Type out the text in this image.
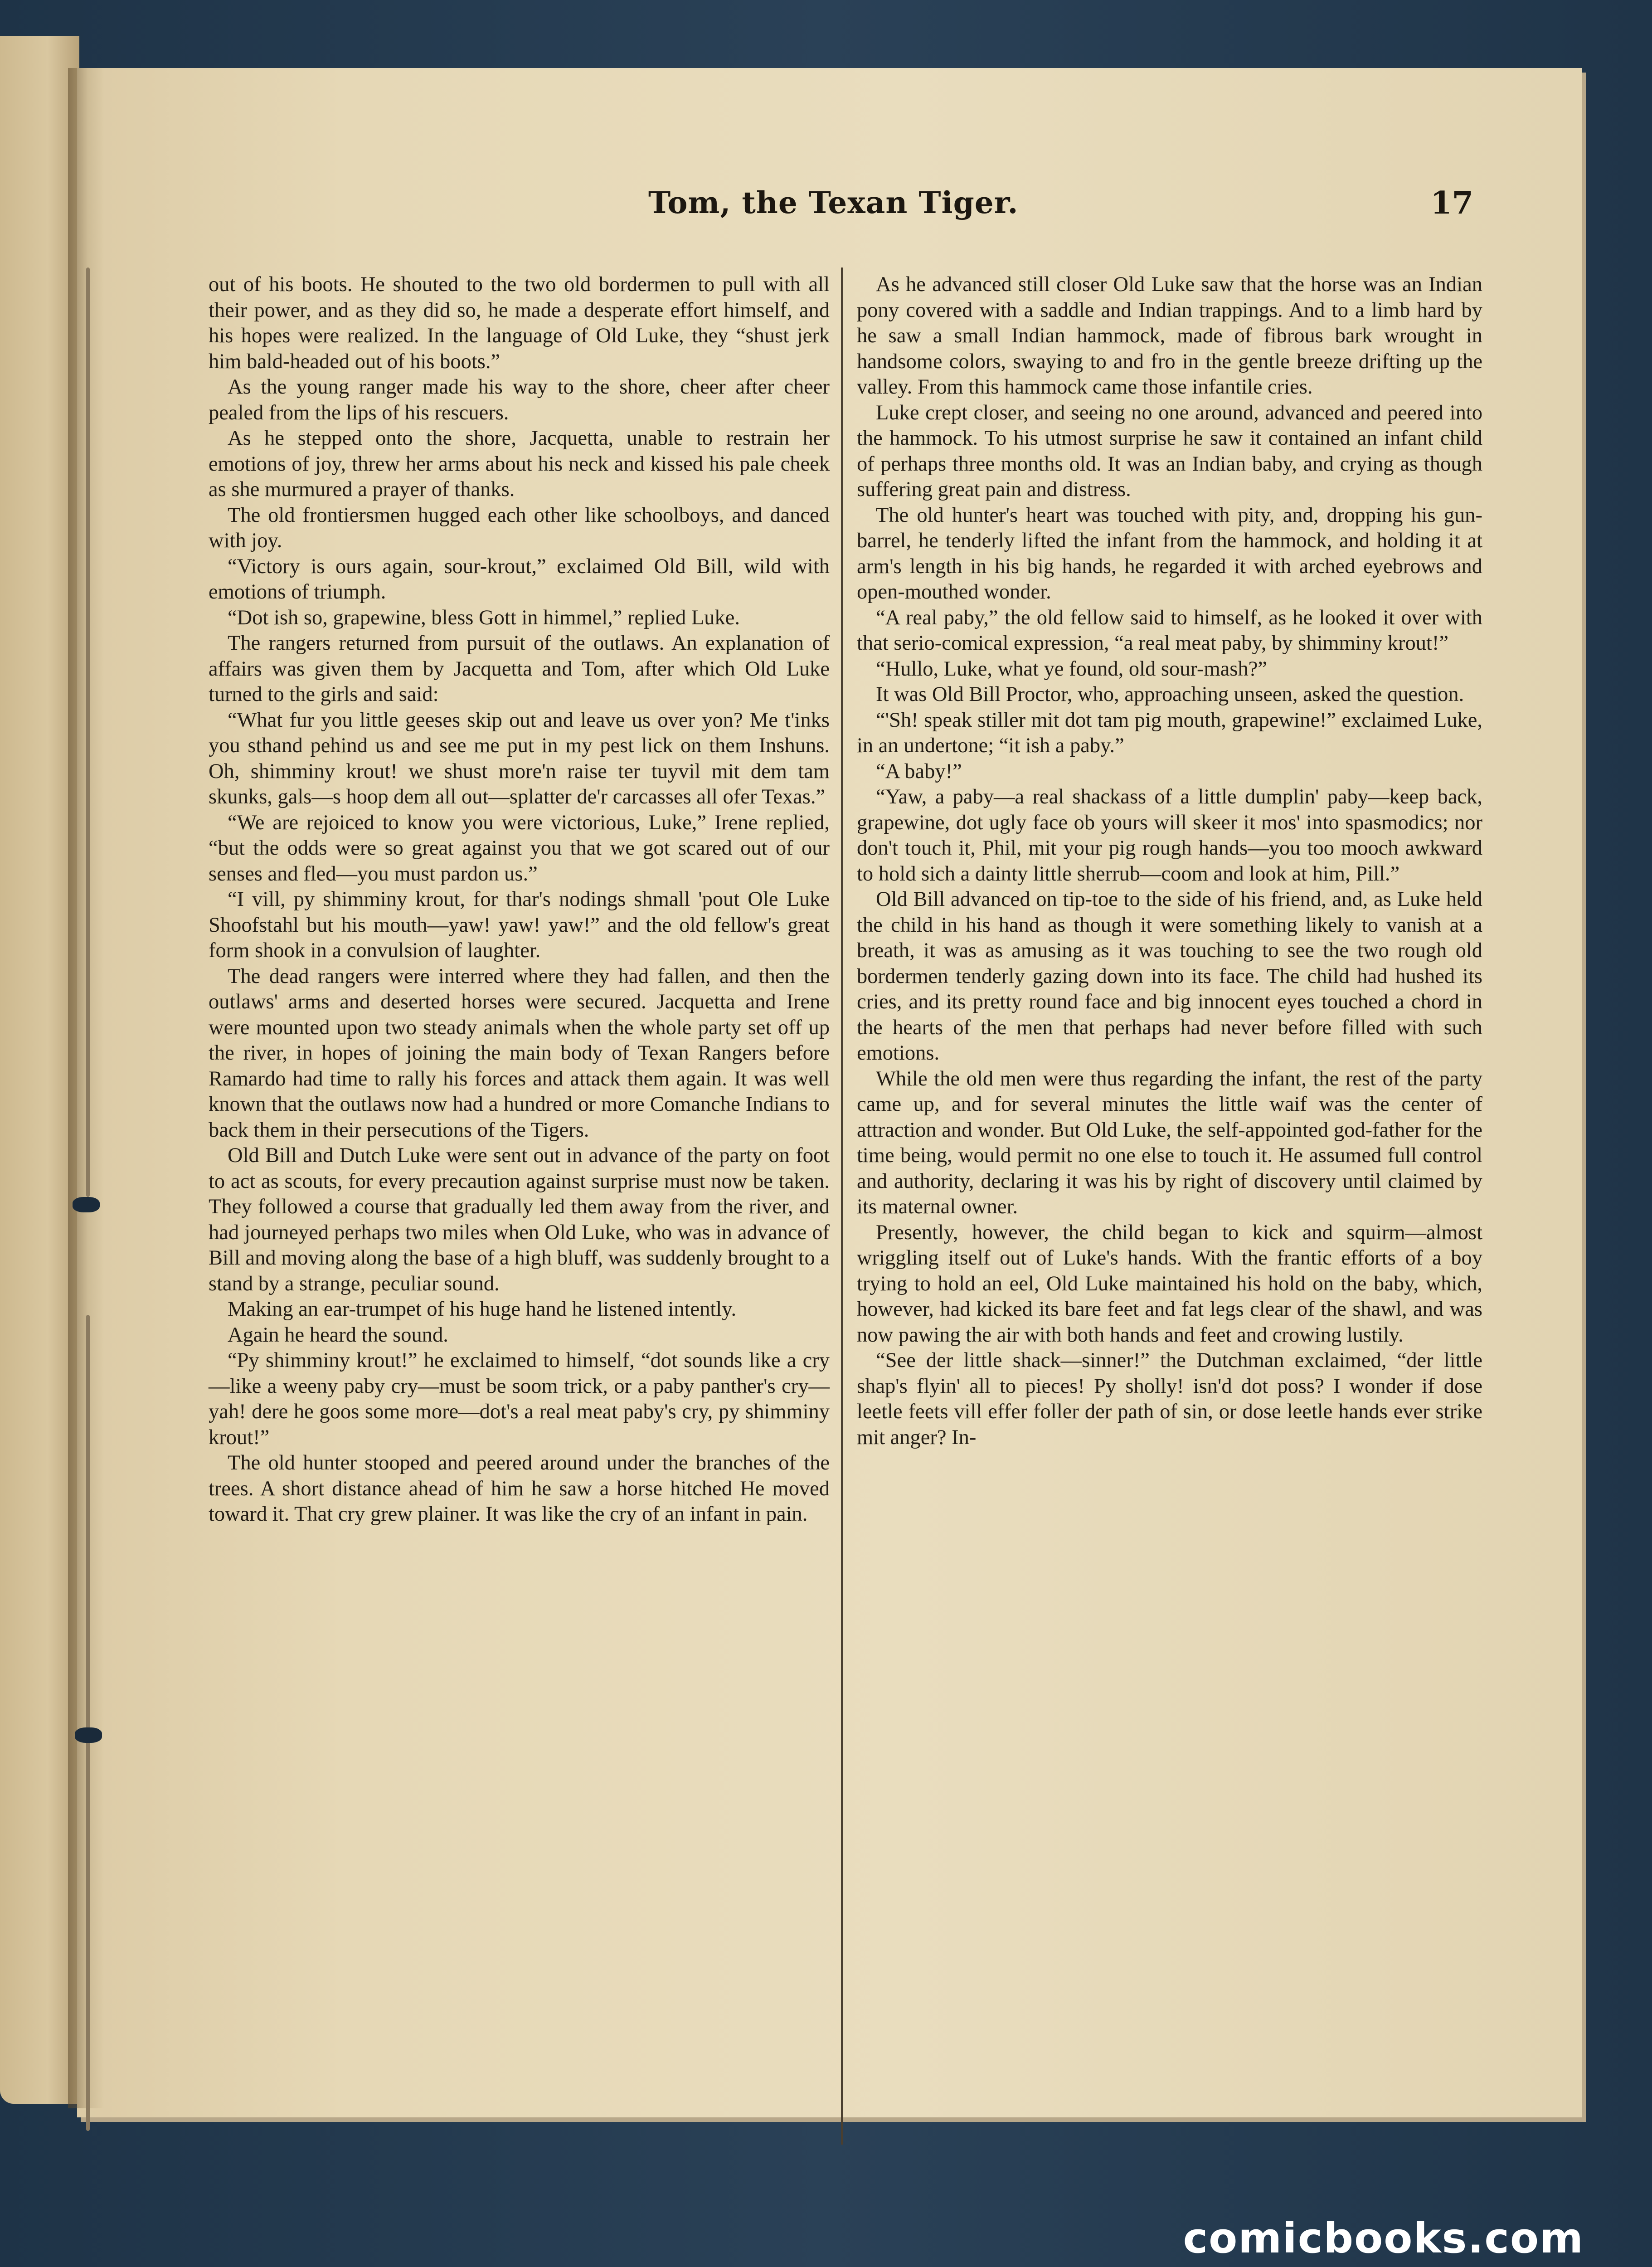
Tom, the Texan Tiger.	17

out of his boots. He shouted to the two old bordermen to pull with all their power, and as they did so, he made a desperate effort himself, and his hopes were realized. In the language of Old Luke, they “shust jerk him bald-headed out of his boots.”

As the young ranger made his way to the shore, cheer after cheer pealed from the lips of his rescuers.

As he stepped onto the shore, Jacquetta, unable to restrain her emotions of joy, threw her arms about his neck and kissed his pale cheek as she murmured a prayer of thanks.

The old frontiersmen hugged each other like schoolboys, and danced with joy.

“Victory is ours again, sour-krout,” exclaimed Old Bill, wild with emotions of triumph.

“Dot ish so, grapewine, bless Gott in himmel,” replied Luke.

The rangers returned from pursuit of the outlaws. An explanation of affairs was given them by Jacquetta and Tom, after which Old Luke turned to the girls and said:

“What fur you little geeses skip out and leave us over yon? Me t'inks you sthand pehind us and see me put in my pest lick on them Inshuns. Oh, shimminy krout! we shust more'n raise ter tuyvil mit dem tam skunks, gals—s hoop dem all out—splatter de'r carcasses all ofer Texas.”

“We are rejoiced to know you were victorious, Luke,” Irene replied, “but the odds were so great against you that we got scared out of our senses and fled—you must pardon us.”

“I vill, py shimminy krout, for thar's nodings shmall 'pout Ole Luke Shoofstahl but his mouth—yaw! yaw! yaw!” and the old fellow's great form shook in a convulsion of laughter.

The dead rangers were interred where they had fallen, and then the outlaws' arms and deserted horses were secured. Jacquetta and Irene were mounted upon two steady animals when the whole party set off up the river, in hopes of joining the main body of Texan Rangers before Ramardo had time to rally his forces and attack them again. It was well known that the outlaws now had a hundred or more Comanche Indians to back them in their persecutions of the Tigers.

Old Bill and Dutch Luke were sent out in advance of the party on foot to act as scouts, for every precaution against surprise must now be taken. They followed a course that gradually led them away from the river, and had journeyed perhaps two miles when Old Luke, who was in advance of Bill and moving along the base of a high bluff, was suddenly brought to a stand by a strange, peculiar sound.

Making an ear-trumpet of his huge hand he listened intently.

Again he heard the sound.

“Py shimminy krout!” he exclaimed to himself, “dot sounds like a cry—like a weeny paby cry—must be soom trick, or a paby panther's cry—yah! dere he goos some more—dot's a real meat paby's cry, py shimminy krout!”

The old hunter stooped and peered around under the branches of the trees. A short distance ahead of him he saw a horse hitched He moved toward it. That cry grew plainer. It was like the cry of an infant in pain.

As he advanced still closer Old Luke saw that the horse was an Indian pony covered with a saddle and Indian trappings. And to a limb hard by he saw a small Indian hammock, made of fibrous bark wrought in handsome colors, swaying to and fro in the gentle breeze drifting up the valley. From this hammock came those infantile cries.

Luke crept closer, and seeing no one around, advanced and peered into the hammock. To his utmost surprise he saw it contained an infant child of perhaps three months old. It was an Indian baby, and crying as though suffering great pain and distress.

The old hunter's heart was touched with pity, and, dropping his gun-barrel, he tenderly lifted the infant from the hammock, and holding it at arm's length in his big hands, he regarded it with arched eyebrows and open-mouthed wonder.

“A real paby,” the old fellow said to himself, as he looked it over with that serio-comical expression, “a real meat paby, by shimminy krout!”

“Hullo, Luke, what ye found, old sour-mash?”

It was Old Bill Proctor, who, approaching unseen, asked the question.

“'Sh! speak stiller mit dot tam pig mouth, grapewine!” exclaimed Luke, in an undertone; “it ish a paby.”

“A baby!”

“Yaw, a paby—a real shackass of a little dumplin' paby—keep back, grapewine, dot ugly face ob yours will skeer it mos' into spasmodics; nor don't touch it, Phil, mit your pig rough hands—you too mooch awkward to hold sich a dainty little sherrub—coom and look at him, Pill.”

Old Bill advanced on tip-toe to the side of his friend, and, as Luke held the child in his hand as though it were something likely to vanish at a breath, it was as amusing as it was touching to see the two rough old bordermen tenderly gazing down into its face. The child had hushed its cries, and its pretty round face and big innocent eyes touched a chord in the hearts of the men that perhaps had never before filled with such emotions.

While the old men were thus regarding the infant, the rest of the party came up, and for several minutes the little waif was the center of attraction and wonder. But Old Luke, the self-appointed god-father for the time being, would permit no one else to touch it. He assumed full control and authority, declaring it was his by right of discovery until claimed by its maternal owner.

Presently, however, the child began to kick and squirm—almost wriggling itself out of Luke's hands. With the frantic efforts of a boy trying to hold an eel, Old Luke maintained his hold on the baby, which, however, had kicked its bare feet and fat legs clear of the shawl, and was now pawing the air with both hands and feet and crowing lustily.

“See der little shack—sinner!” the Dutchman exclaimed, “der little shap's flyin' all to pieces! Py sholly! isn'd dot poss? I wonder if dose leetle feets vill effer foller der path of sin, or dose leetle hands ever strike mit anger? In-

comicbooks.com
